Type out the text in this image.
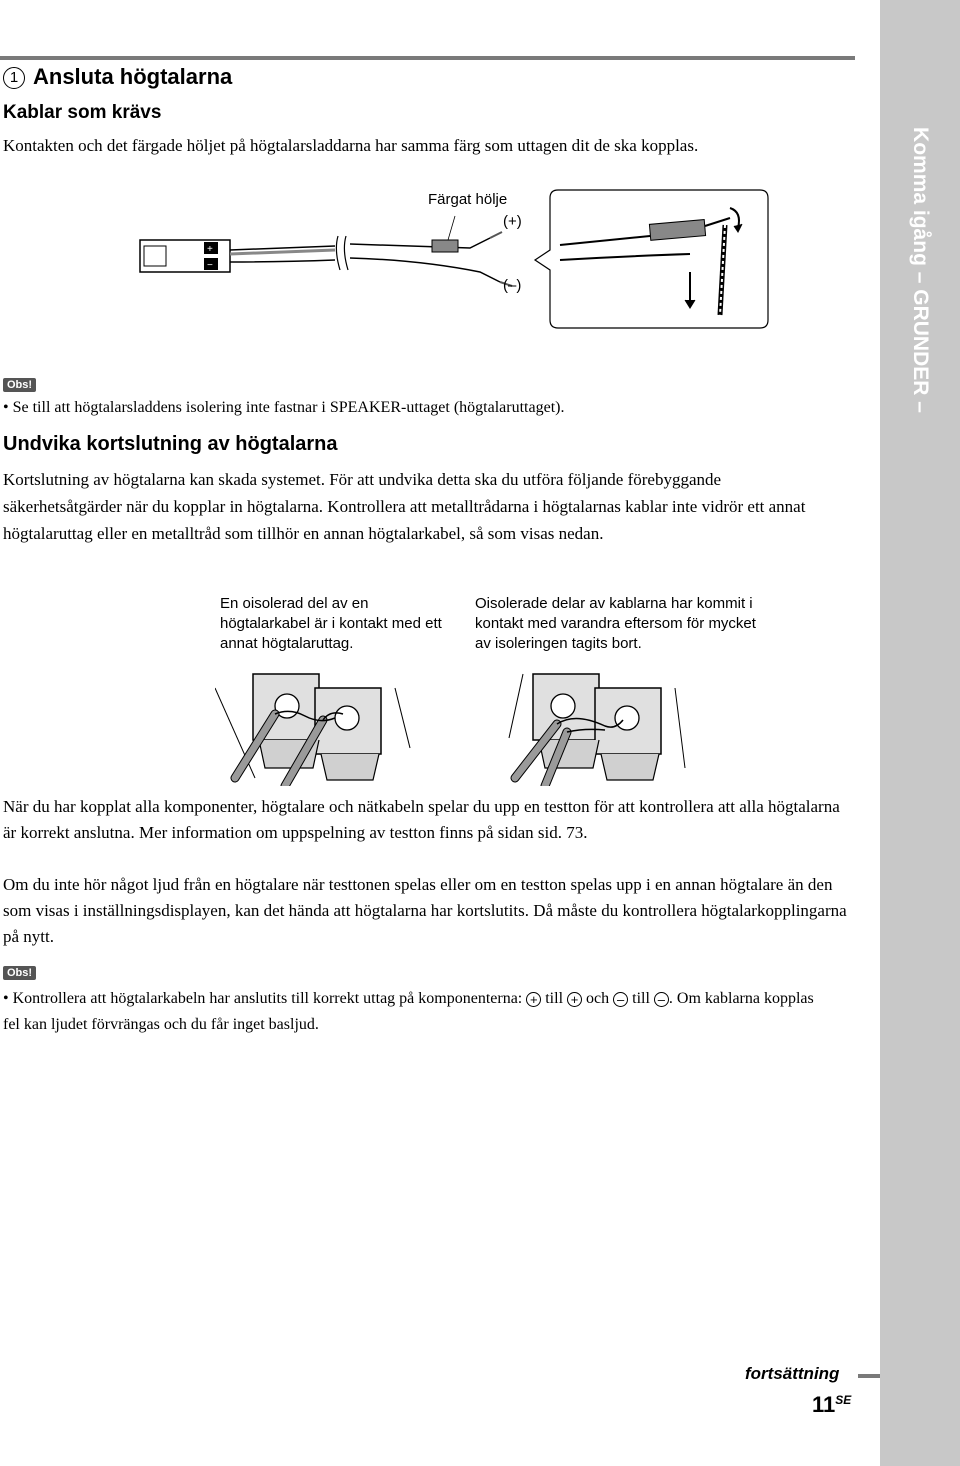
Komma igång – GRUNDER –
1 Ansluta högtalarna
Kablar som krävs
Kontakten och det färgade höljet på högtalarsladdarna har samma färg som uttagen dit de ska kopplas.
+
−
Färgat hölje
(+)
(–)
Obs!
• Se till att högtalarsladdens isolering inte fastnar i SPEAKER-uttaget (högtalaruttaget).
Undvika kortslutning av högtalarna
Kortslutning av högtalarna kan skada systemet. För att undvika detta ska du utföra följande förebyggande säkerhetsåtgärder när du kopplar in högtalarna. Kontrollera att metalltrådarna i högtalarnas kablar inte vidrör ett annat högtalaruttag eller en metalltråd som tillhör en annan högtalarkabel, så som visas nedan.
En oisolerad del av en högtalarkabel är i kontakt med ett annat högtalaruttag.
Oisolerade delar av kablarna har kommit i kontakt med varandra eftersom för mycket av isoleringen tagits bort.
När du har kopplat alla komponenter, högtalare och nätkabeln spelar du upp en testton för att kontrollera att alla högtalarna är korrekt anslutna. Mer information om uppspelning av testton finns på sidan sid. 73.
Om du inte hör något ljud från en högtalare när testtonen spelas eller om en testton spelas upp i en annan högtalare än den som visas i inställningsdisplayen, kan det hända att högtalarna har kortslutits. Då måste du kontrollera högtalarkopplingarna på nytt.
Obs!
• Kontrollera att högtalarkabeln har anslutits till korrekt uttag på komponenterna: + till + och – till – . Om kablarna kopplas fel kan ljudet förvrängas och du får inget basljud.
fortsättning
$11^{SE}$
